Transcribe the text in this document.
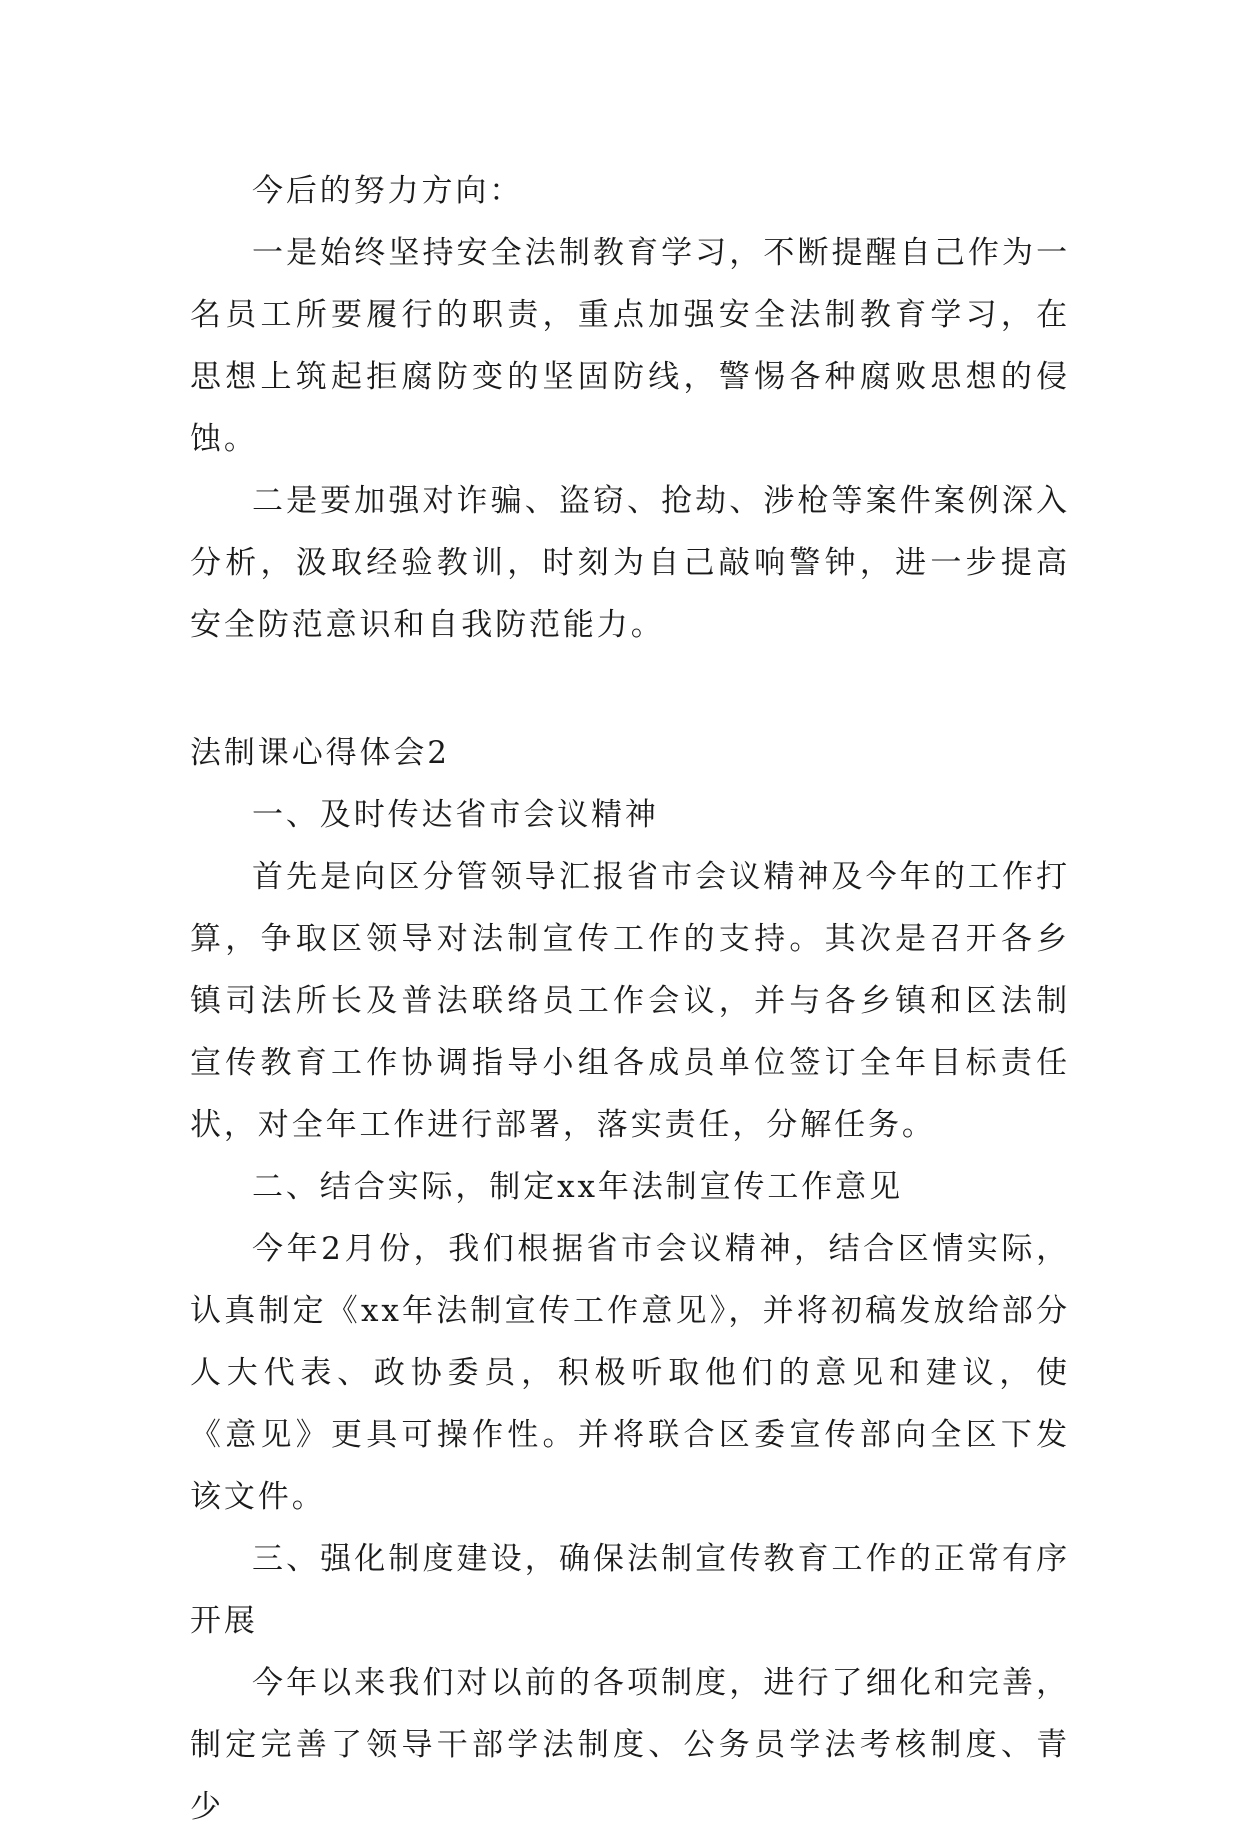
今后的努力方向：

一是始终坚持安全法制教育学习，不断提醒自己作为一名员工所要履行的职责，重点加强安全法制教育学习，在思想上筑起拒腐防变的坚固防线，警惕各种腐败思想的侵蚀。

二是要加强对诈骗、盗窃、抢劫、涉枪等案件案例深入分析，汲取经验教训，时刻为自己敲响警钟，进一步提高安全防范意识和自我防范能力。

法制课心得体会2

一、及时传达省市会议精神

首先是向区分管领导汇报省市会议精神及今年的工作打算，争取区领导对法制宣传工作的支持。其次是召开各乡镇司法所长及普法联络员工作会议，并与各乡镇和区法制宣传教育工作协调指导小组各成员单位签订全年目标责任状，对全年工作进行部署，落实责任，分解任务。

二、结合实际，制定xx年法制宣传工作意见

今年2月份，我们根据省市会议精神，结合区情实际，认真制定《xx年法制宣传工作意见》，并将初稿发放给部分人大代表、政协委员，积极听取他们的意见和建议，使《意见》更具可操作性。并将联合区委宣传部向全区下发该文件。

三、强化制度建设，确保法制宣传教育工作的正常有序开展

今年以来我们对以前的各项制度，进行了细化和完善，制定完善了领导干部学法制度、公务员学法考核制度、青少
